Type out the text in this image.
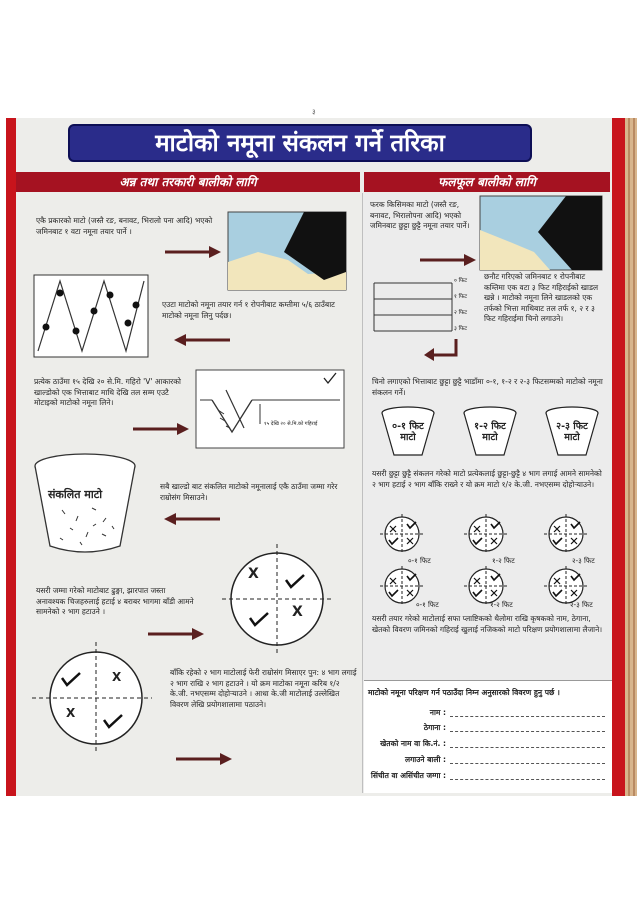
३
माटोको नमूना संकलन गर्ने तरिका
अन्न तथा तरकारी बालीको लागि	फलफूल बालीको लागि
एकै प्रकारको माटो (जस्तै रङ, बनावट, भिरालो पना आदि) भएको जमिनबाट १ वटा नमूना तयार पार्ने ।
एउटा माटोको नमूना तयार गर्न १ रोपनीबाट कम्तीमा ५/६ ठाउँबाट माटोको नमूना लिनु पर्दछ।
प्रत्येक ठाउँमा १५ देखि २० से.मि. गहिरो 'V' आकारको खाल्डोको एक भित्ताबाट माथि देखि तल सम्म एउटै मोटाइको माटोको नमूना लिने।
१५ देखि २० से.मि.को गहिराई
संकलित माटो
सबै खाल्डो बाट संकलित माटोको नमूनालाई एकै ठाउँमा जम्मा गरेर राम्रोसंग मिसाउने।
X
X
यसरी जम्मा गरेको माटोबाट ढुङ्गा, झारपात जस्ता अनावश्यक चिजहरुलाई हटाई ४ बराबर भागमा बाँडी आमने सामनेको २ भाग हटाउने ।
X
X
बाँकि रहेको २ भाग माटोलाई फेरी राम्रोसंग मिसाएर पुन: ४ भाग लगाई २ भाग राखि २ भाग हटाउने । यो क्रम माटोका नमूना करिब १/२ के.जी. नभएसम्म दोहोऱ्याउने । आधा के.जी माटोलाई उल्लेखित विवरण लेखि प्रयोगशालामा पठाउने।
फरक किसिमका माटो (जस्तै रङ, बनावट, भिरालोपना आदि) भएको जमिनबाट छुट्टा छुट्टै नमूना तयार पार्ने।
० फिट
१ फिट
२ फिट
३ फिट
छनौट गरिएको जमिनबाट १ रोपनीबाट कम्तिमा एक वटा ३ फिट गहिराईको खाडल खन्ने । माटोको नमूना लिने खाडलको एक तर्फको भित्ता माथिबाट तल तर्फ १, २ र ३ फिट गहिराईमा चिनो लगाउने।
चिनो लगाएको भित्ताबाट छुट्टा छुट्टै भाडाँमा ०-१, १-२ र २-३ फिटसम्मको माटोको नमूना संकलन गर्ने।
०-१ फिट माटो
१-२ फिट माटो
२-३ फिट माटो
यसरी छुट्टा छुट्टै संकलन गरेको माटो प्रत्येकलाई छुट्टा-छुट्टै ४ भाग लगाई आमने सामनेको २ भाग हटाई २ भाग बाँकि राख्ने र यो क्रम माटो १/२ के.जी. नभएसम्म दोहोऱ्याउने।
०-१ फिट	१-२ फिट	२-३ फिट
०-१ फिट	१-२ फिट	२-३ फिट
यसरी तयार गरेको माटोलाई सफा प्लाष्टिकको थैलोमा राखि कृषकको नाम, ठेगाना, खेतको विवरण जमिनको गहिराई खुलाई नजिकको माटो परिक्षण प्रयोगशालामा लैजाने।
माटोको नमूना परिक्षण गर्न पठाउँदा निम्न अनुसारको विवरण हुनु पर्छ ।
नाम :
ठेगाना :
खेतको नाम वा कि.नं. :
लगाउने बाली :
सिंचीत वा असिंचीत जग्गा :
